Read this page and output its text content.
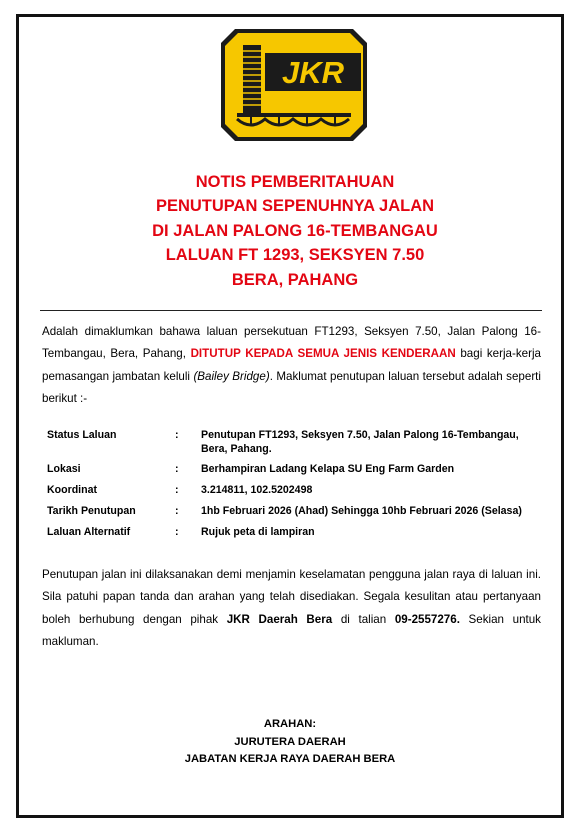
JKR
NOTIS PEMBERITAHUAN
PENUTUPAN SEPENUHNYA JALAN
DI JALAN PALONG 16-TEMBANGAU
LALUAN FT 1293, SEKSYEN 7.50
BERA, PAHANG
Adalah dimaklumkan bahawa laluan persekutuan FT1293, Seksyen 7.50, Jalan Palong 16-Tembangau, Bera, Pahang, DITUTUP KEPADA SEMUA JENIS KENDERAAN bagi kerja-kerja pemasangan jambatan keluli (Bailey Bridge). Maklumat penutupan laluan tersebut adalah seperti berikut :-
Status Laluan	:	Penutupan FT1293, Seksyen 7.50, Jalan Palong 16-Tembangau, Bera, Pahang.
Lokasi	:	Berhampiran Ladang Kelapa SU Eng Farm Garden
Koordinat	:	3.214811, 102.5202498
Tarikh Penutupan	:	1hb Februari 2026 (Ahad) Sehingga 10hb Februari 2026 (Selasa)
Laluan Alternatif	:	Rujuk peta di lampiran
Penutupan jalan ini dilaksanakan demi menjamin keselamatan pengguna jalan raya di laluan ini. Sila patuhi papan tanda dan arahan yang telah disediakan. Segala kesulitan atau pertanyaan boleh berhubung dengan pihak JKR Daerah Bera di talian 09-2557276. Sekian untuk makluman.
ARAHAN:
JURUTERA DAERAH
JABATAN KERJA RAYA DAERAH BERA
